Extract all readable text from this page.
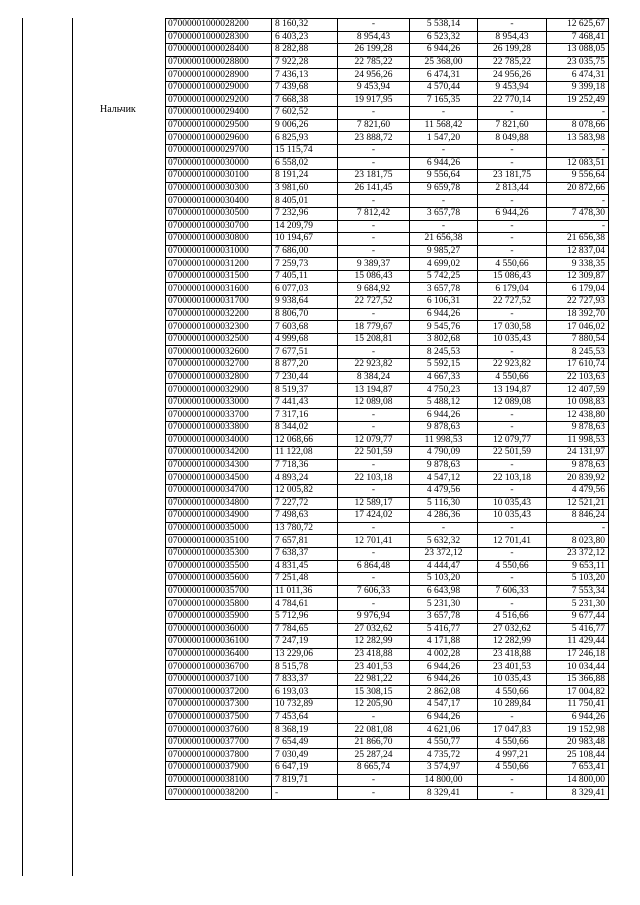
Нальчик
07000001000028200	8 160,32	-	5 538,14	-	12 625,67
07000001000028300	6 403,23	8 954,43	6 523,32	8 954,43	7 468,41
07000001000028400	8 282,88	26 199,28	6 944,26	26 199,28	13 088,05
07000001000028800	7 922,28	22 785,22	25 368,00	22 785,22	23 035,75
07000001000028900	7 436,13	24 956,26	6 474,31	24 956,26	6 474,31
07000001000029000	7 439,68	9 453,94	4 570,44	9 453,94	9 399,18
07000001000029200	7 668,38	19 917,95	7 165,35	22 770,14	19 252,49
07000001000029400	7 602,52	-	-	-	-
07000001000029500	9 006,26	7 821,60	11 568,42	7 821,60	8 078,66
07000001000029600	6 825,93	23 888,72	1 547,20	8 049,88	13 583,98
07000001000029700	15 115,74	-	-	-	-
07000001000030000	6 558,02	-	6 944,26	-	12 083,51
07000001000030100	8 191,24	23 181,75	9 556,64	23 181,75	9 556,64
07000001000030300	3 981,60	26 141,45	9 659,78	2 813,44	20 872,66
07000001000030400	8 405,01	-	-	-	-
07000001000030500	7 232,96	7 812,42	3 657,78	6 944,26	7 478,30
07000001000030700	14 209,79	-	-	-	-
07000001000030800	10 194,67	-	21 656,38	-	21 656,38
07000001000031000	7 686,00	-	9 985,27	-	12 837,04
07000001000031200	7 259,73	9 389,37	4 699,02	4 550,66	9 338,35
07000001000031500	7 405,11	15 086,43	5 742,25	15 086,43	12 309,87
07000001000031600	6 077,03	9 684,92	3 657,78	6 179,04	6 179,04
07000001000031700	9 938,64	22 727,52	6 106,31	22 727,52	22 727,93
07000001000032200	8 806,70	-	6 944,26	-	18 392,70
07000001000032300	7 603,68	18 779,67	9 545,76	17 030,58	17 046,02
07000001000032500	4 999,68	15 208,81	3 802,68	10 035,43	7 880,54
07000001000032600	7 677,51	-	8 245,53	-	8 245,53
07000001000032700	8 877,20	22 923,82	5 592,15	22 923,82	17 610,74
07000001000032800	7 230,44	8 384,24	4 667,33	4 550,66	22 103,63
07000001000032900	8 519,37	13 194,87	4 750,23	13 194,87	12 407,59
07000001000033000	7 441,43	12 089,08	5 488,12	12 089,08	10 098,83
07000001000033700	7 317,16	-	6 944,26	-	12 438,80
07000001000033800	8 344,02	-	9 878,63	-	9 878,63
07000001000034000	12 068,66	12 079,77	11 998,53	12 079,77	11 998,53
07000001000034200	11 122,08	22 501,59	4 790,09	22 501,59	24 131,97
07000001000034300	7 718,36	-	9 878,63	-	9 878,63
07000001000034500	4 893,24	22 103,18	4 547,12	22 103,18	20 839,92
07000001000034700	12 005,82	-	4 479,56	-	4 479,56
07000001000034800	7 227,72	12 589,17	5 116,30	10 035,43	12 521,21
07000001000034900	7 498,63	17 424,02	4 286,36	10 035,43	8 846,24
07000001000035000	13 780,72	-	-	-	-
07000001000035100	7 657,81	12 701,41	5 632,32	12 701,41	8 023,80
07000001000035300	7 638,37	-	23 372,12	-	23 372,12
07000001000035500	4 831,45	6 864,48	4 444,47	4 550,66	9 653,11
07000001000035600	7 251,48	-	5 103,20	-	5 103,20
07000001000035700	11 011,36	7 606,33	6 643,98	7 606,33	7 553,34
07000001000035800	4 784,61	-	5 231,30	-	5 231,30
07000001000035900	5 712,96	9 976,94	3 657,78	4 516,66	9 677,44
07000001000036000	7 784,65	27 032,62	5 416,77	27 032,62	5 416,77
07000001000036100	7 247,19	12 282,99	4 171,88	12 282,99	11 429,44
07000001000036400	13 229,06	23 418,88	4 002,28	23 418,88	17 246,18
07000001000036700	8 515,78	23 401,53	6 944,26	23 401,53	10 034,44
07000001000037100	7 833,37	22 981,22	6 944,26	10 035,43	15 366,88
07000001000037200	6 193,03	15 308,15	2 862,08	4 550,66	17 004,82
07000001000037300	10 732,89	12 205,90	4 547,17	10 289,84	11 750,41
07000001000037500	7 453,64	-	6 944,26	-	6 944,26
07000001000037600	8 368,19	22 081,08	4 621,06	17 047,83	19 152,98
07000001000037700	7 654,49	21 866,70	4 550,77	4 550,66	20 983,48
07000001000037800	7 030,49	25 287,24	4 735,72	4 997,21	25 108,44
07000001000037900	6 647,19	8 665,74	3 574,97	4 550,66	7 653,41
07000001000038100	7 819,71	-	14 800,00	-	14 800,00
07000001000038200	-	-	8 329,41	-	8 329,41
